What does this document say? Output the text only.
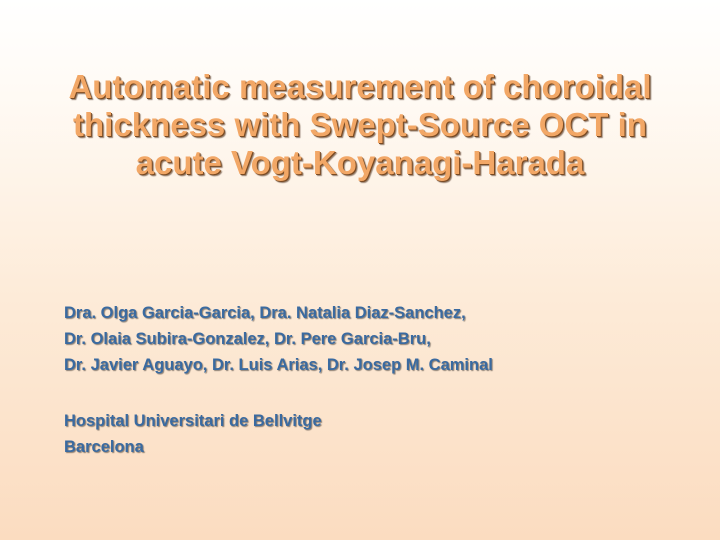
Automatic measurement of choroidal
thickness with Swept-Source OCT in
acute Vogt-Koyanagi-Harada
Dra. Olga Garcia-Garcia, Dra. Natalia Diaz-Sanchez,
Dr. Olaia Subira-Gonzalez, Dr. Pere Garcia-Bru,
Dr. Javier Aguayo, Dr. Luis Arias, Dr. Josep M. Caminal
Hospital Universitari de Bellvitge
Barcelona
